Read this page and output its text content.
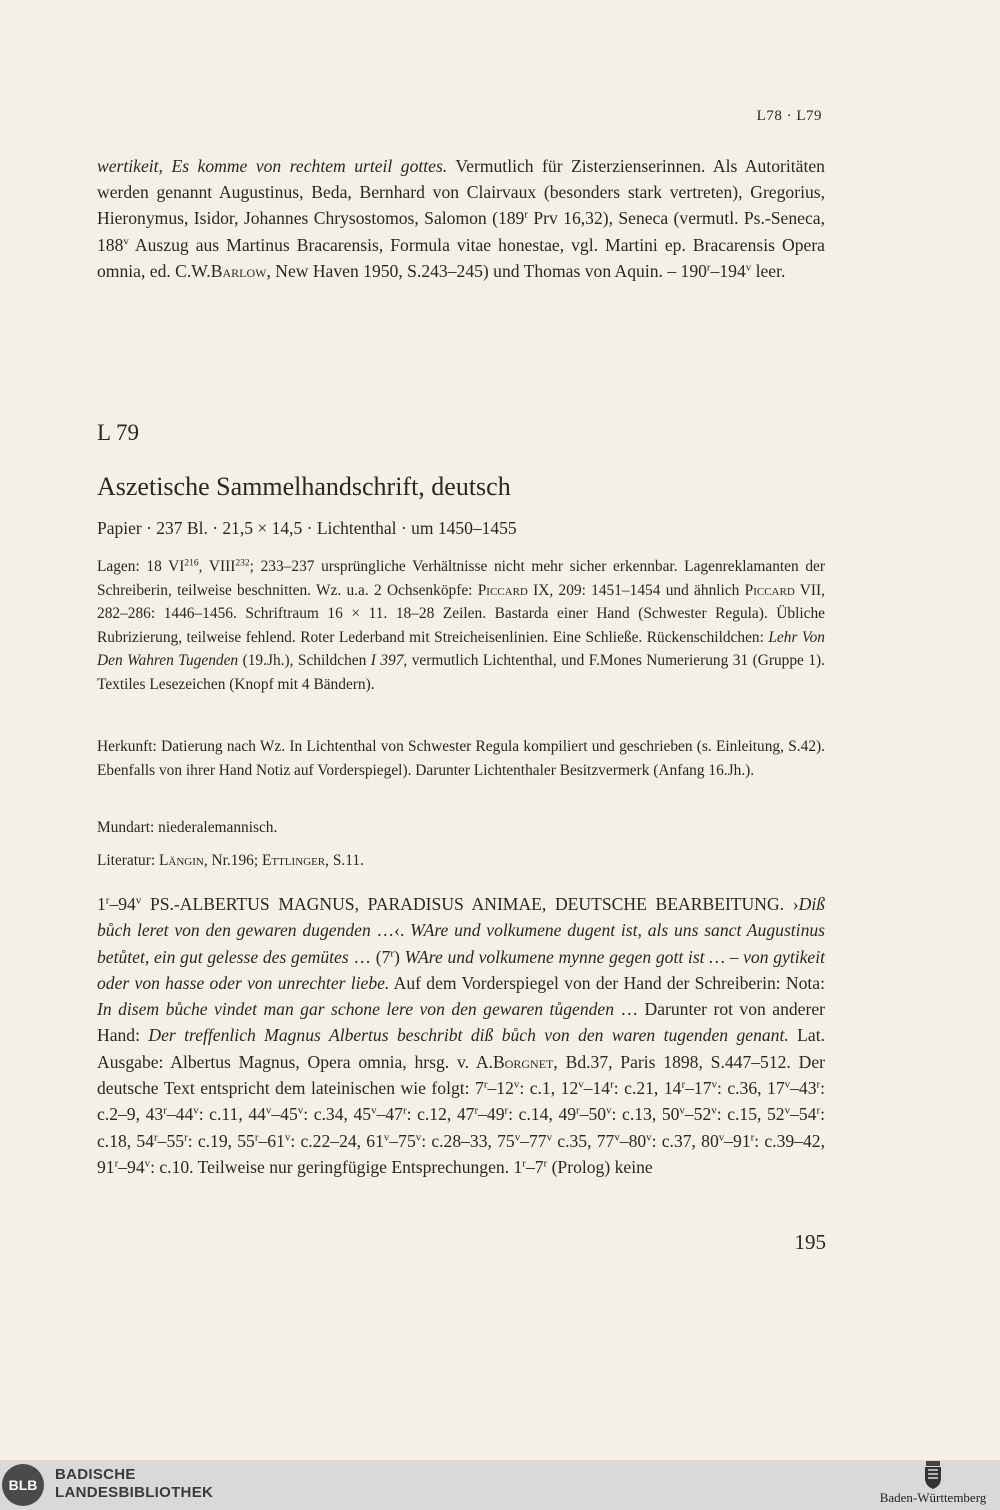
L78 · L79
wertikeit, Es komme von rechtem urteil gottes. Vermutlich für Zisterzienserinnen. Als Autoritäten werden genannt Augustinus, Beda, Bernhard von Clairvaux (besonders stark vertreten), Gregorius, Hieronymus, Isidor, Johannes Chrysostomos, Salomon (189$^r$ Prv 16,32), Seneca (vermutl. Ps.-Seneca, 188$^v$ Auszug aus Martinus Bracarensis, Formula vitae honestae, vgl. Martini ep. Bracarensis Opera omnia, ed. C.W.Barlow, New Haven 1950, S.243–245) und Thomas von Aquin. – 190$^r$–194$^v$ leer.
L 79
Aszetische Sammelhandschrift, deutsch
Papier · 237 Bl. · 21,5 × 14,5 · Lichtenthal · um 1450–1455
Lagen: 18 VI$^{216}$, VIII$^{232}$; 233–237 ursprüngliche Verhältnisse nicht mehr sicher erkennbar. Lagenreklamanten der Schreiberin, teilweise beschnitten. Wz. u.a. 2 Ochsenköpfe: Piccard IX, 209: 1451–1454 und ähnlich Piccard VII, 282–286: 1446–1456. Schriftraum 16 × 11. 18–28 Zeilen. Bastarda einer Hand (Schwester Regula). Übliche Rubrizierung, teilweise fehlend. Roter Lederband mit Streicheisenlinien. Eine Schließe. Rückenschildchen: Lehr Von Den Wahren Tugenden (19.Jh.), Schildchen I 397, vermutlich Lichtenthal, und F.Mones Numerierung 31 (Gruppe 1). Textiles Lesezeichen (Knopf mit 4 Bändern).
Herkunft: Datierung nach Wz. In Lichtenthal von Schwester Regula kompiliert und geschrieben (s. Einleitung, S.42). Ebenfalls von ihrer Hand Notiz auf Vorderspiegel). Darunter Lichtenthaler Besitzvermerk (Anfang 16.Jh.).
Mundart: niederalemannisch.
Literatur: Längin, Nr.196; Ettlinger, S.11.
1$^r$–94$^v$ PS.-ALBERTUS MAGNUS, PARADISUS ANIMAE, DEUTSCHE BEARBEITUNG. ›Diß bůch leret von den gewaren dugenden …‹. WAre und volkumene dugent ist, als uns sanct Augustinus betůtet, ein gut gelesse des gemütes … (7$^r$) WAre und volkumene mynne gegen gott ist … – von gytikeit oder von hasse oder von unrechter liebe. Auf dem Vorderspiegel von der Hand der Schreiberin: Nota: In disem bůche vindet man gar schone lere von den gewaren tůgenden … Darunter rot von anderer Hand: Der treffenlich Magnus Albertus beschribt diß bůch von den waren tugenden genant. Lat. Ausgabe: Albertus Magnus, Opera omnia, hrsg. v. A.Borgnet, Bd.37, Paris 1898, S.447–512. Der deutsche Text entspricht dem lateinischen wie folgt: 7$^r$–12$^v$: c.1, 12$^v$–14$^r$: c.21, 14$^r$–17$^v$: c.36, 17$^v$–43$^r$: c.2–9, 43$^r$–44$^v$: c.11, 44$^v$–45$^v$: c.34, 45$^v$–47$^r$: c.12, 47$^r$–49$^r$: c.14, 49$^r$–50$^v$: c.13, 50$^v$–52$^v$: c.15, 52$^v$–54$^r$: c.18, 54$^r$–55$^r$: c.19, 55$^r$–61$^v$: c.22–24, 61$^v$–75$^v$: c.28–33, 75$^v$–77$^v$ c.35, 77$^v$–80$^v$: c.37, 80$^v$–91$^r$: c.39–42, 91$^r$–94$^v$: c.10. Teilweise nur geringfügige Entsprechungen. 1$^r$–7$^r$ (Prolog) keine
195
BLB
BADISCHE
LANDESBIBLIOTHEK	Baden-Württemberg
